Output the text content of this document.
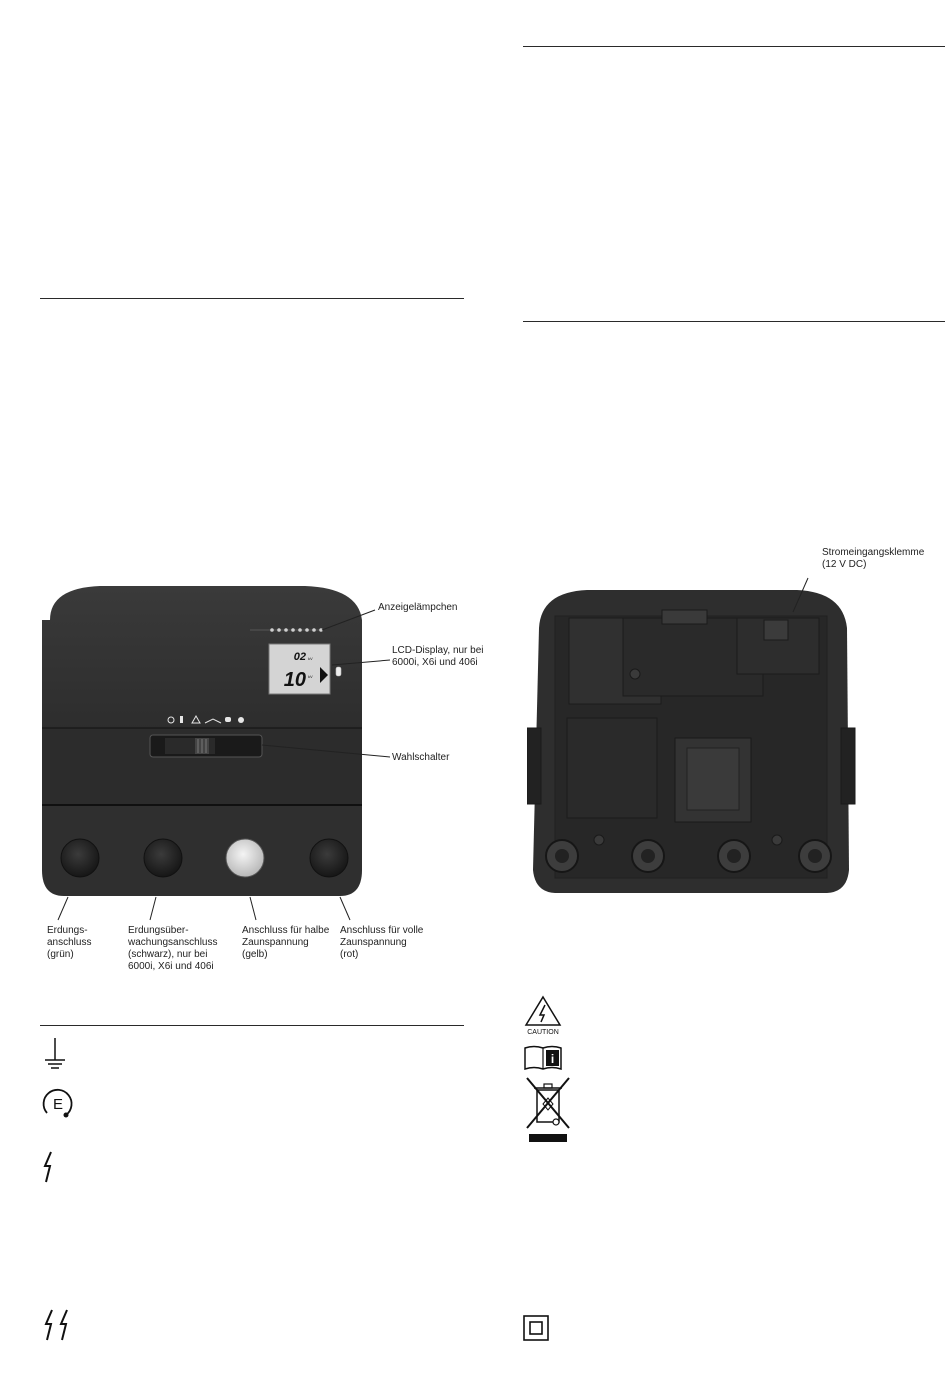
02 kV
10 kV
Anzeigelämpchen
LCD-Display, nur bei
6000i, X6i und 406i
Wahlschalter
Erdungs-
anschluss
(grün)
Erdungsüber-
wachungsanschluss
(schwarz), nur bei
6000i, X6i und 406i
Anschluss für halbe
Zaunspannung
(gelb)
Anschluss für volle
Zaunspannung
(rot)
Stromeingangsklemme
(12 V DC)
E
CAUTION
i
